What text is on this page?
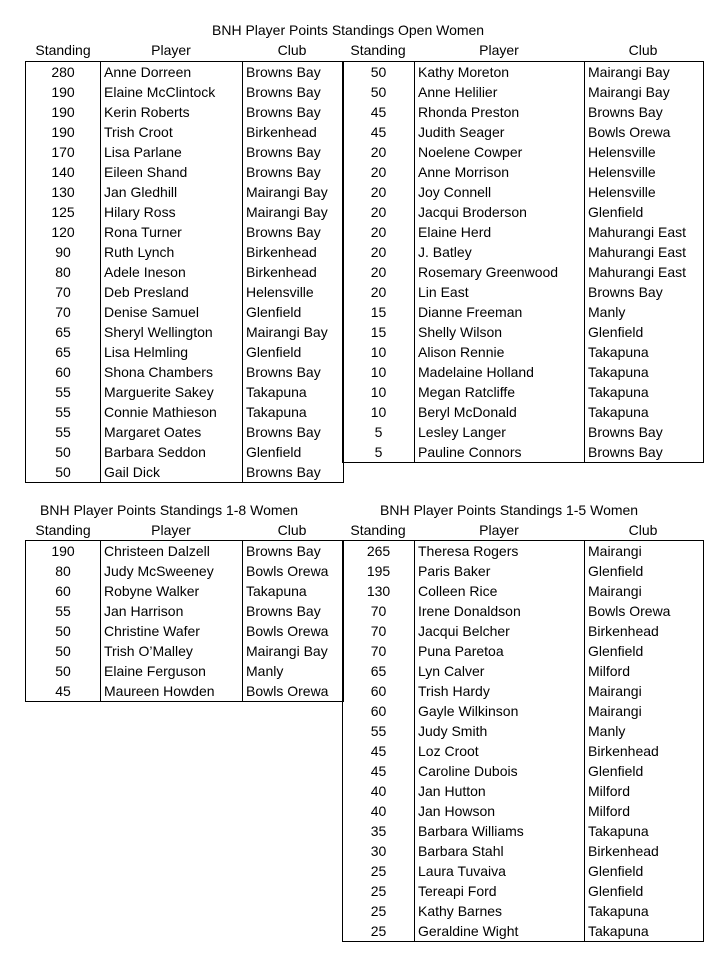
BNH Player Points Standings Open Women
Standing	Player	Club	Standing	Player	Club
280	Anne Dorreen	Browns Bay
190	Elaine McClintock	Browns Bay
190	Kerin Roberts	Browns Bay
190	Trish Croot	Birkenhead
170	Lisa Parlane	Browns Bay
140	Eileen Shand	Browns Bay
130	Jan Gledhill	Mairangi Bay
125	Hilary Ross	Mairangi Bay
120	Rona Turner	Browns Bay
90	Ruth Lynch	Birkenhead
80	Adele Ineson	Birkenhead
70	Deb Presland	Helensville
70	Denise Samuel	Glenfield
65	Sheryl Wellington	Mairangi Bay
65	Lisa Helmling	Glenfield
60	Shona Chambers	Browns Bay
55	Marguerite Sakey	Takapuna
55	Connie Mathieson	Takapuna
55	Margaret Oates	Browns Bay
50	Barbara Seddon	Glenfield
50	Gail Dick	Browns Bay
50	Kathy Moreton	Mairangi Bay
50	Anne Helilier	Mairangi Bay
45	Rhonda Preston	Browns Bay
45	Judith Seager	Bowls Orewa
20	Noelene Cowper	Helensville
20	Anne Morrison	Helensville
20	Joy Connell	Helensville
20	Jacqui Broderson	Glenfield
20	Elaine Herd	Mahurangi East
20	J. Batley	Mahurangi East
20	Rosemary Greenwood	Mahurangi East
20	Lin East	Browns Bay
15	Dianne Freeman	Manly
15	Shelly Wilson	Glenfield
10	Alison Rennie	Takapuna
10	Madelaine Holland	Takapuna
10	Megan Ratcliffe	Takapuna
10	Beryl McDonald	Takapuna
5	Lesley Langer	Browns Bay
5	Pauline Connors	Browns Bay
BNH Player Points Standings 1-8 Women
Standing	Player	Club
190	Christeen Dalzell	Browns Bay
80	Judy McSweeney	Bowls Orewa
60	Robyne Walker	Takapuna
55	Jan Harrison	Browns Bay
50	Christine Wafer	Bowls Orewa
50	Trish O’Malley	Mairangi Bay
50	Elaine Ferguson	Manly
45	Maureen Howden	Bowls Orewa
BNH Player Points Standings 1-5 Women
Standing	Player	Club
265	Theresa Rogers	Mairangi
195	Paris Baker	Glenfield
130	Colleen Rice	Mairangi
70	Irene Donaldson	Bowls Orewa
70	Jacqui Belcher	Birkenhead
70	Puna Paretoa	Glenfield
65	Lyn Calver	Milford
60	Trish Hardy	Mairangi
60	Gayle Wilkinson	Mairangi
55	Judy Smith	Manly
45	Loz Croot	Birkenhead
45	Caroline Dubois	Glenfield
40	Jan Hutton	Milford
40	Jan Howson	Milford
35	Barbara Williams	Takapuna
30	Barbara Stahl	Birkenhead
25	Laura Tuvaiva	Glenfield
25	Tereapi Ford	Glenfield
25	Kathy Barnes	Takapuna
25	Geraldine Wight	Takapuna
